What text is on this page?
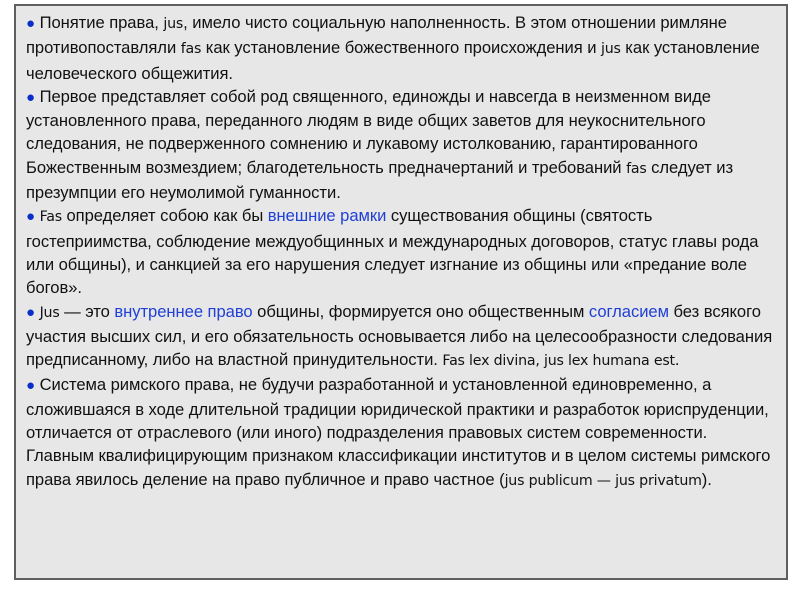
● Понятие права, jus, имело чисто социальную наполненность. В этом отношении римляне противопоставляли fas как установление божественного происхождения и jus как установление человеческого общежития.

● Первое представляет собой род священного, единожды и навсегда в неизменном виде установленного права, переданного людям в виде общих заветов для неукоснительного следования, не подверженного сомнению и лукавому истолкованию, гарантированного Божественным возмездием; благодетельность предначертаний и требований fas следует из презумпции его неумолимой гуманности.

● Fas определяет собою как бы внешние рамки существования общины (святость гостеприимства, соблюдение междуобщинных и международных договоров, статус главы рода или общины), и санкцией за его нарушения следует изгнание из общины или «предание воле богов».

● Jus — это внутреннее право общины, формируется оно общественным согласием без всякого участия высших сил, и его обязательность основывается либо на целесообразности следования предписанному, либо на властной принудительности. Fas lex divina, jus lex humana est.

● Система римского права, не будучи разработанной и установленной единовременно, а сложившаяся в ходе длительной традиции юридической практики и разработок юриспруденции, отличается от отраслевого (или иного) подразделения правовых систем современности. Главным квалифицирующим признаком классификации институтов и в целом системы римского права явилось деление на право публичное и право частное (jus publicum — jus privatum).
